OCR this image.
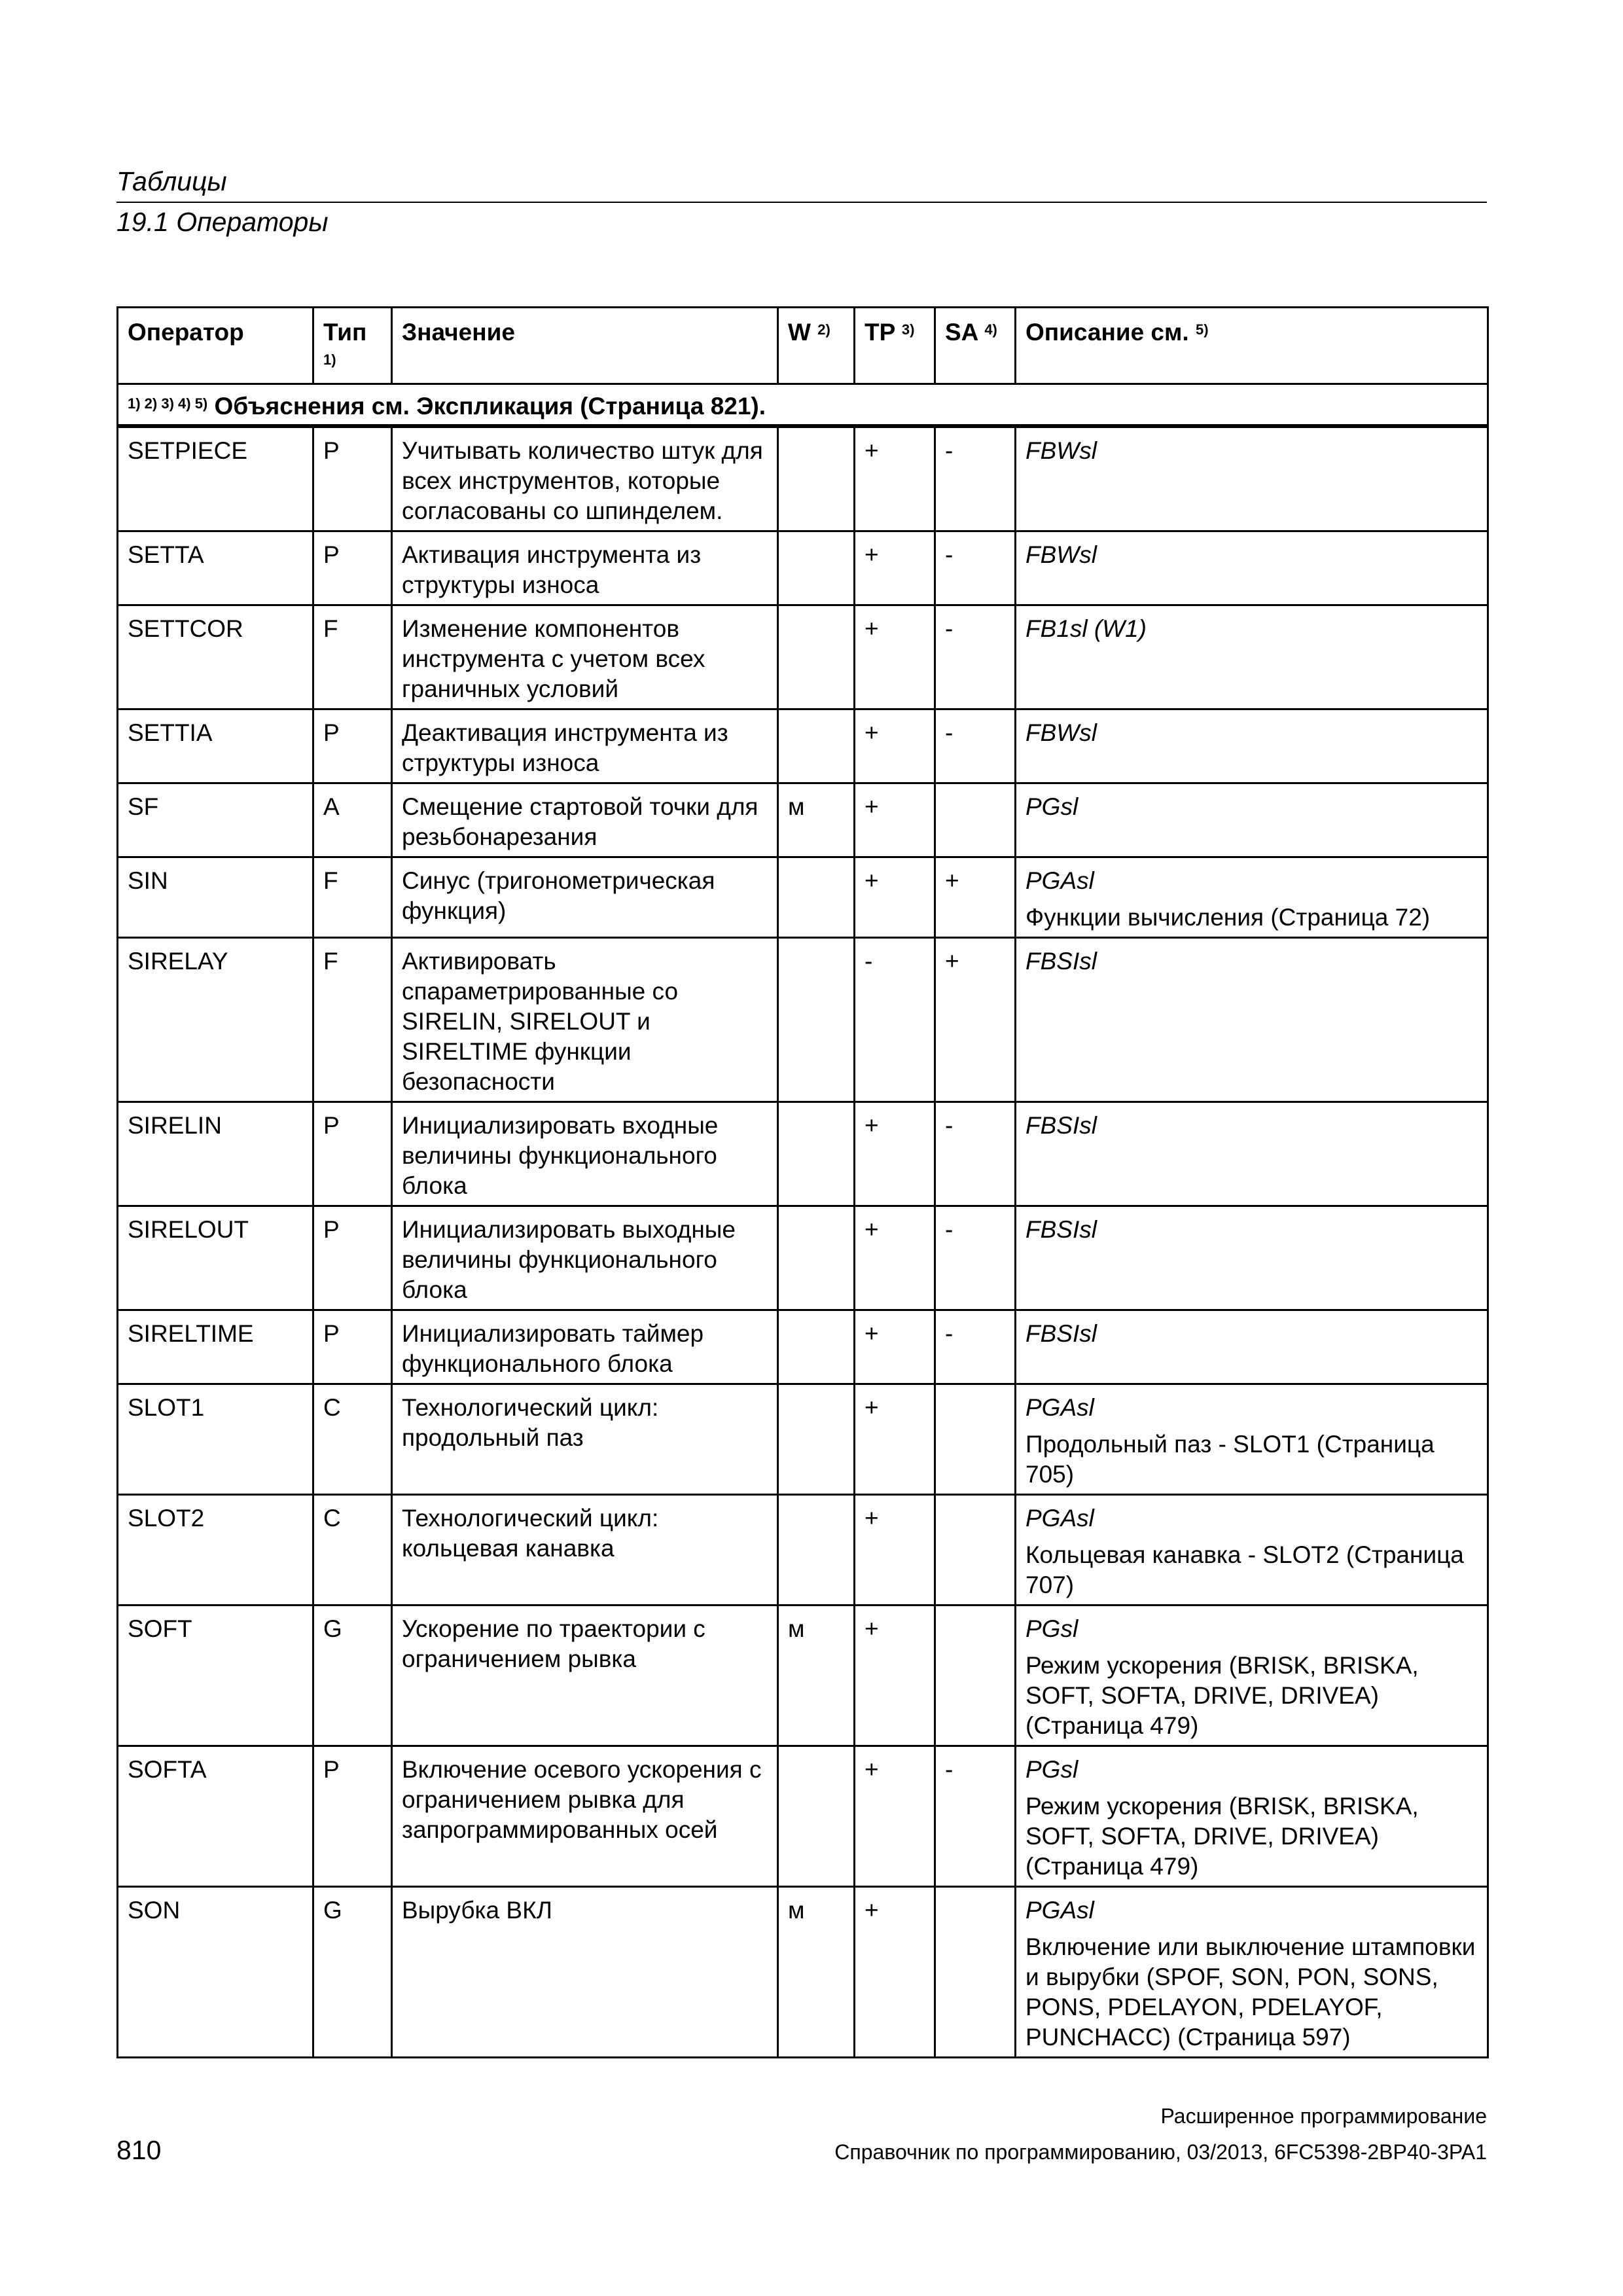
Таблицы
19.1 Операторы
Оператор	Тип $^{1)}$	Значение	W $^{2)}$	TP $^{3)}$	SA $^{4)}$	Описание см. $^{5)}$
$^{1) 2) 3) 4) 5)}$ Объяснения см. Экспликация (Страница 821).						
SETPIECE	P	Учитывать количество штук для всех инструментов, которые согласованы со шпинделем.		+	-	FBWsl

SETTA	P	Активация инструмента из структуры износа		+	-	FBWsl

SETTCOR	F	Изменение компонентов инструмента с учетом всех граничных условий		+	-	FB1sl (W1)

SETTIA	P	Деактивация инструмента из структуры износа		+	-	FBWsl

SF	A	Смещение стартовой точки для резьбонарезания	м	+		PGsl

SIN	F	Синус (тригонометрическая функция)		+	+	PGAsl
Функции вычисления (Страница 72)

SIRELAY	F	Активировать спараметрированные со SIRELIN, SIRELOUT и SIRELTIME функции безопасности		-	+	FBSIsl

SIRELIN	P	Инициализировать входные величины функционального блока		+	-	FBSIsl

SIRELOUT	P	Инициализировать выходные величины функционального блока		+	-	FBSIsl

SIRELTIME	P	Инициализировать таймер функционального блока		+	-	FBSIsl

SLOT1	C	Технологический цикл: продольный паз		+		PGAsl
Продольный паз - SLOT1 (Страница 705)

SLOT2	C	Технологический цикл: кольцевая канавка		+		PGAsl
Кольцевая канавка - SLOT2 (Страница 707)

SOFT	G	Ускорение по траектории с ограничением рывка	м	+		PGsl
Режим ускорения (BRISK, BRISKA, SOFT, SOFTA, DRIVE, DRIVEA) (Страница 479)

SOFTA	P	Включение осевого ускорения с ограничением рывка для запрограммированных осей		+	-	PGsl
Режим ускорения (BRISK, BRISKA, SOFT, SOFTA, DRIVE, DRIVEA) (Страница 479)

SON	G	Вырубка ВКЛ	м	+		PGAsl
Включение или выключение штамповки и вырубки (SPOF, SON, PON, SONS, PONS, PDELAYON, PDELAYOF, PUNCHACC) (Страница 597)
Расширенное программирование
810	Справочник по программированию, 03/2013, 6FC5398-2BP40-3PA1
